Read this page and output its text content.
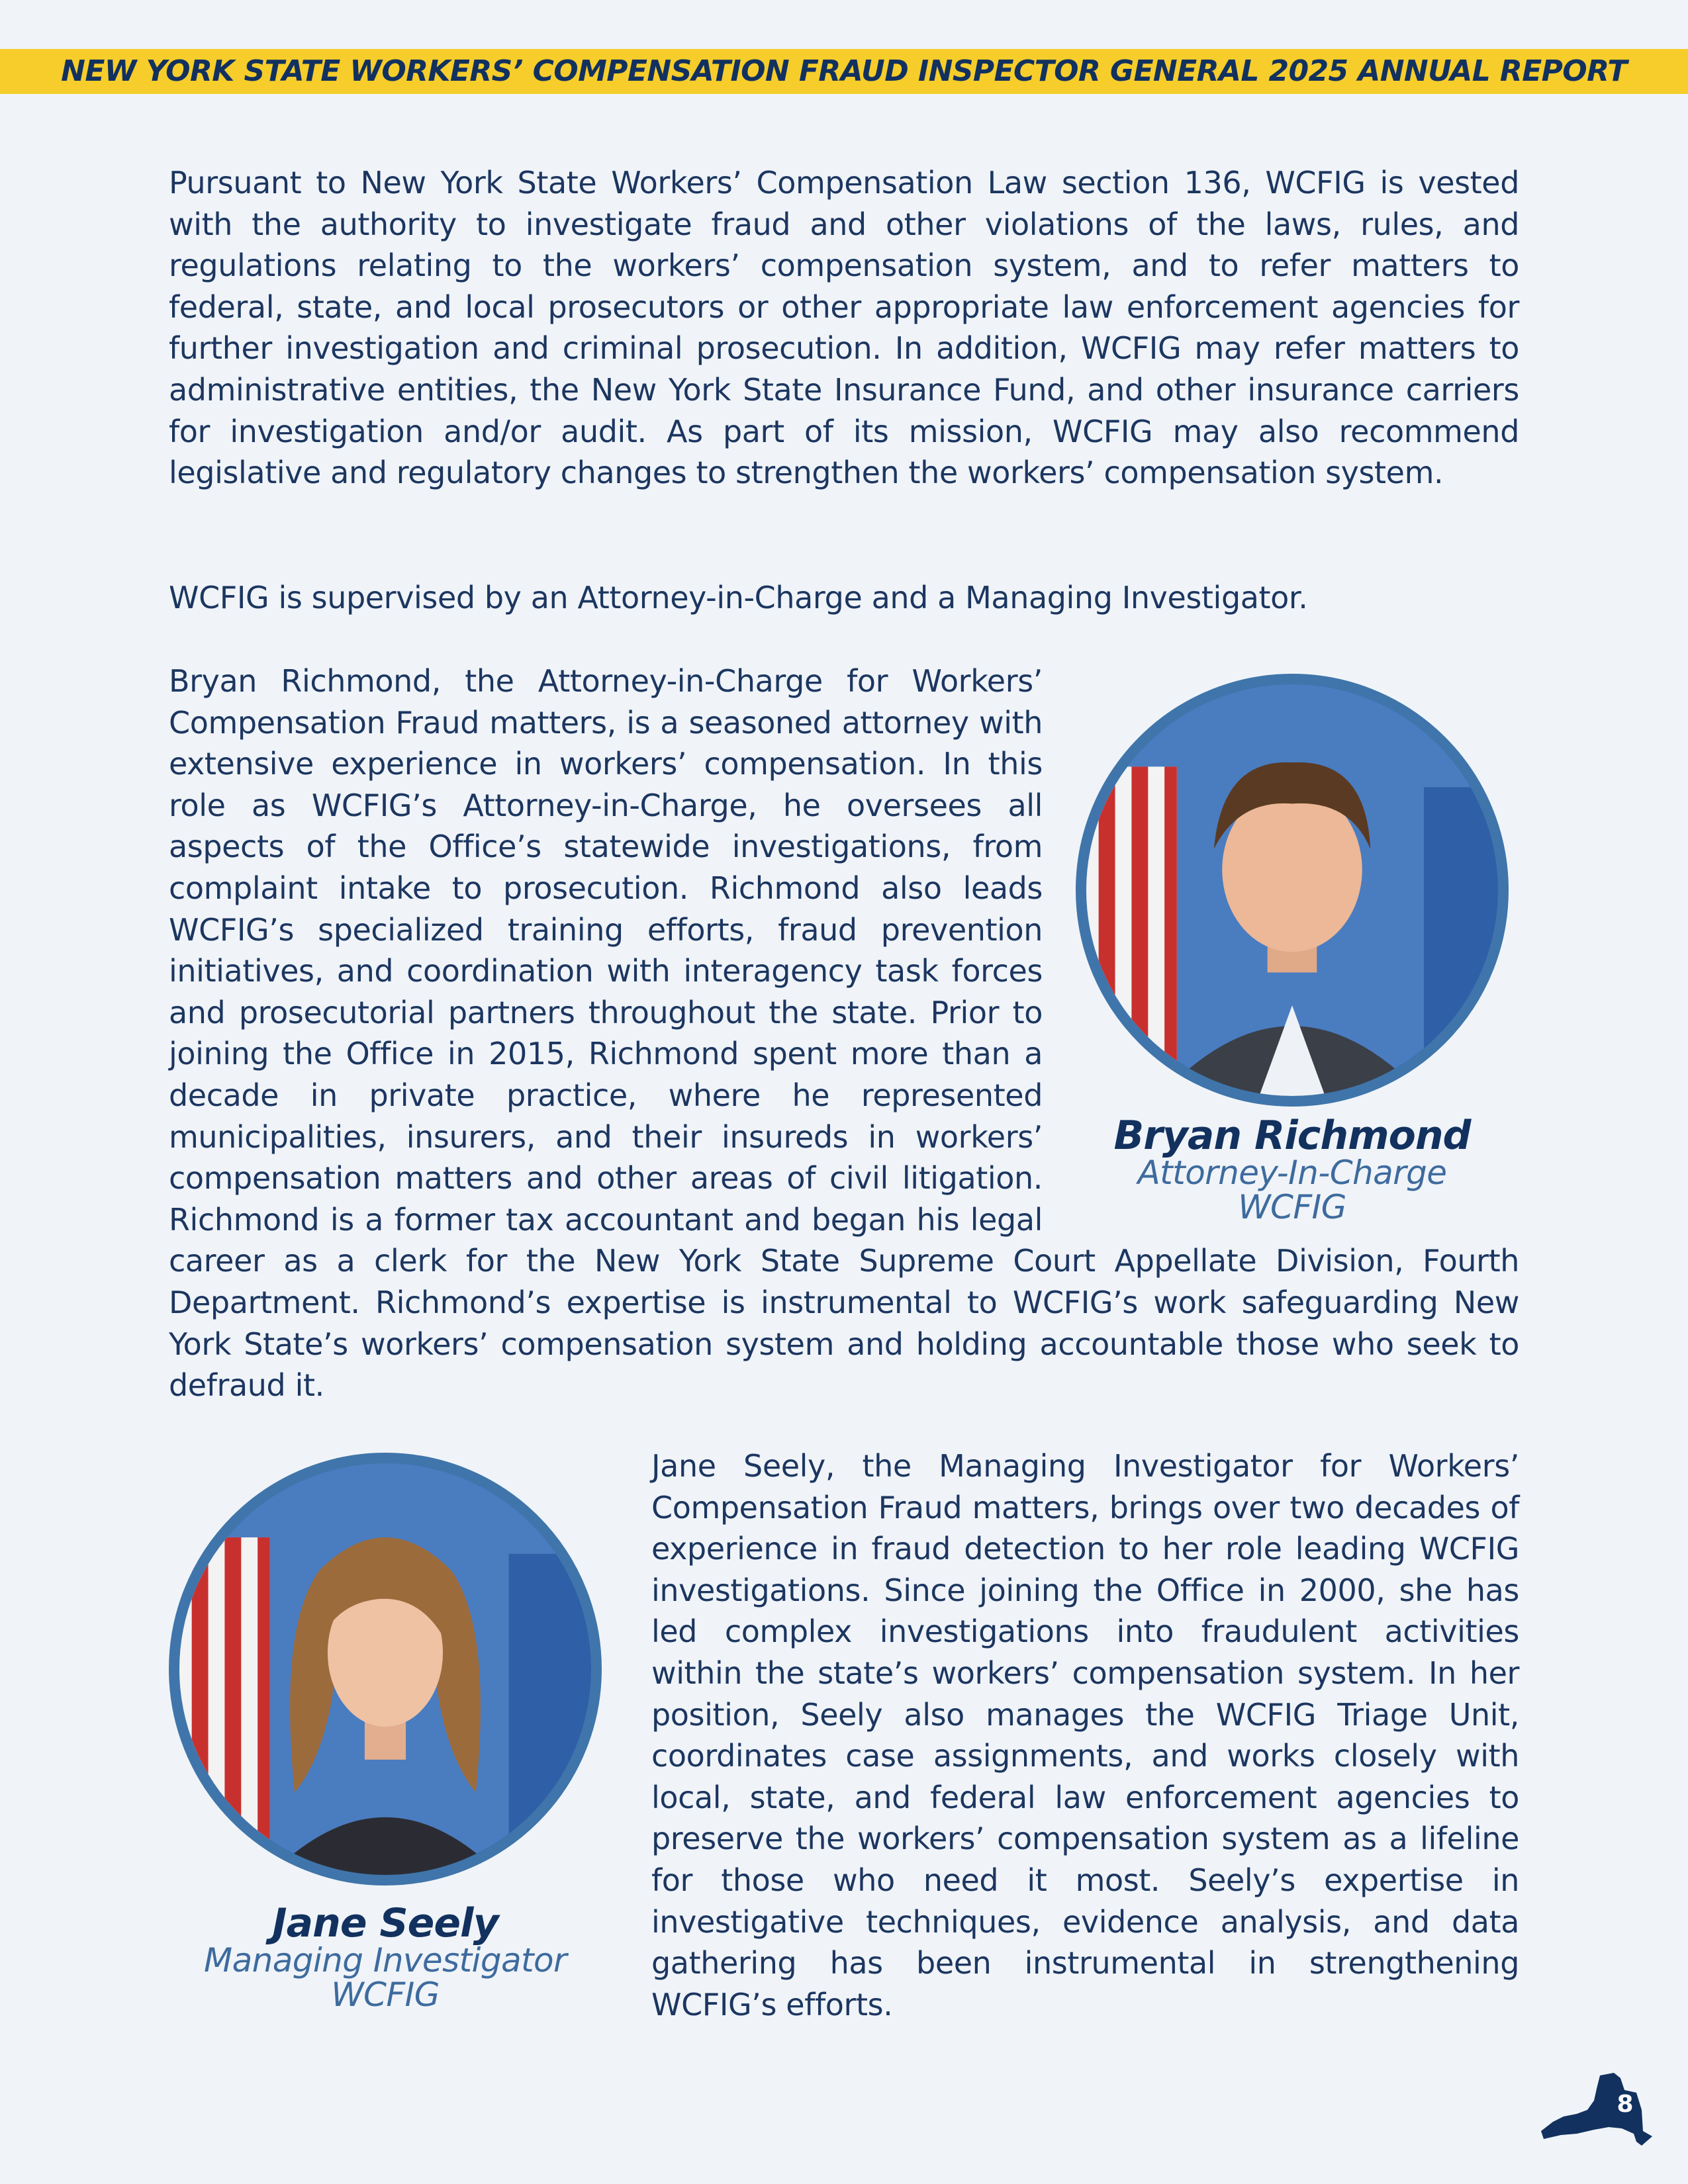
NEW YORK STATE WORKERS’ COMPENSATION FRAUD INSPECTOR GENERAL 2025 ANNUAL REPORT

Pursuant to New York State Workers’ Compensation Law section 136, WCFIG is vested with the authority to investigate fraud and other violations of the laws, rules, and regulations relating to the workers’ compensation system, and to refer matters to federal, state, and local prosecutors or other appropriate law enforcement agencies for further investigation and criminal prosecution. In addition, WCFIG may refer matters to administrative entities, the New York State Insurance Fund, and other insurance carriers for investigation and/or audit. As part of its mission, WCFIG may also recommend legislative and regulatory changes to strengthen the workers’ compensation system.

WCFIG is supervised by an Attorney-in-Charge and a Managing Investigator.

Bryan Richmond, the Attorney-in-Charge for Workers’ Compensation Fraud matters, is a seasoned attorney with extensive experience in workers’ compensation. In this role as WCFIG’s Attorney-in-Charge, he oversees all aspects of the Office’s statewide investigations, from complaint intake to prosecution. Richmond also leads WCFIG’s specialized training efforts, fraud prevention initiatives, and coordination with interagency task forces and prosecutorial partners throughout the state. Prior to joining the Office in 2015, Richmond spent more than a decade in private practice, where he represented municipalities, insurers, and their insureds in workers’ compensation matters and other areas of civil litigation. Richmond is a former tax accountant and began his legal career as a clerk for the New York State Supreme Court Appellate Division, Fourth Department. Richmond’s expertise is instrumental to WCFIG’s work safeguarding New York State’s workers’ compensation system and holding accountable those who seek to defraud it.
Bryan Richmond
Attorney-In-Charge
WCFIG

Jane Seely, the Managing Investigator for Workers’ Compensation Fraud matters, brings over two decades of experience in fraud detection to her role leading WCFIG investigations. Since joining the Office in 2000, she has led complex investigations into fraudulent activities within the state’s workers’ compensation system. In her position, Seely also manages the WCFIG Triage Unit, coordinates case assignments, and works closely with local, state, and federal law enforcement agencies to preserve the workers’ compensation system as a lifeline for those who need it most. Seely’s expertise in investigative techniques, evidence analysis, and data gathering has been instrumental in strengthening WCFIG’s efforts.

Jane Seely
Managing Investigator
WCFIG
8
